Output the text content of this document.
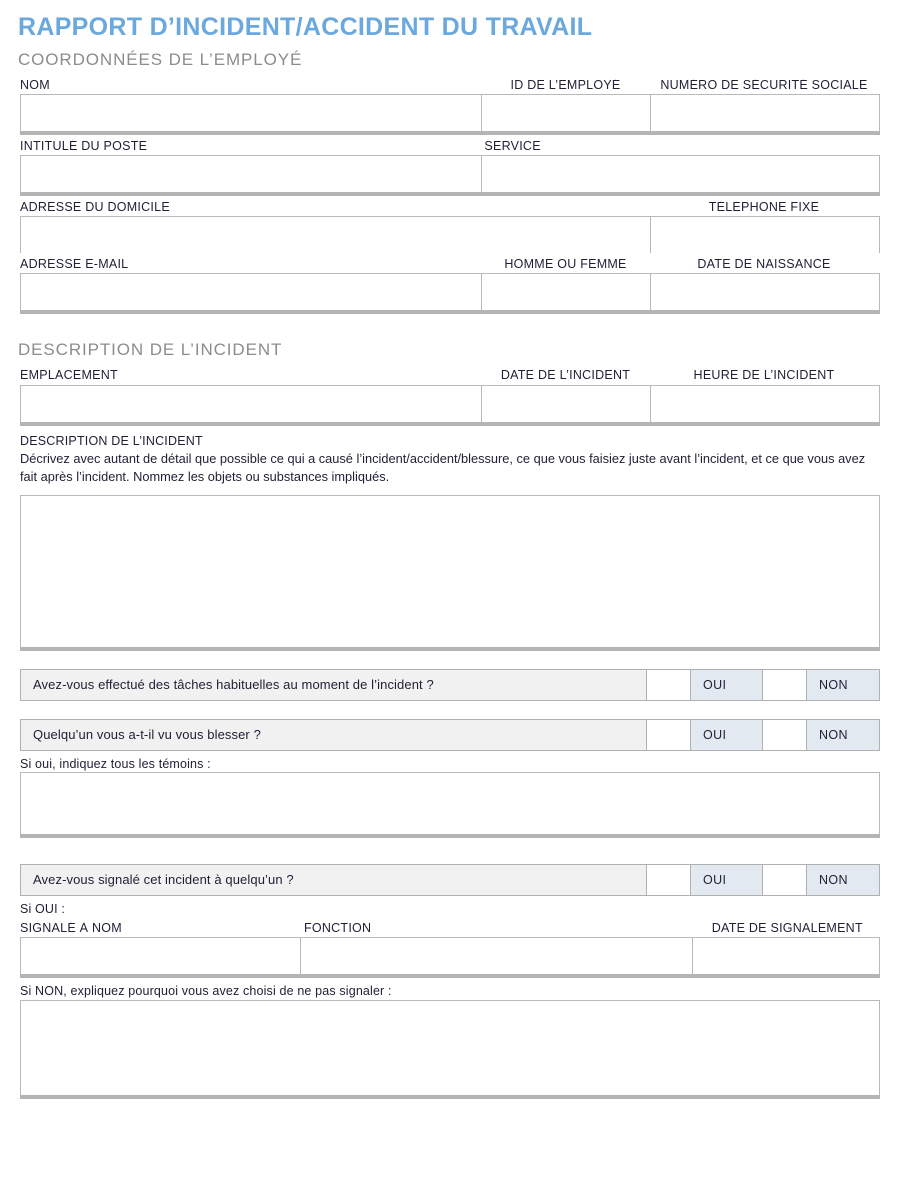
RAPPORT D’INCIDENT/ACCIDENT DU TRAVAIL
COORDONNÉES DE L’EMPLOYÉ
NOM	ID DE L’EMPLOYÉ	NUMÉRO DE SÉCURITÉ SOCIALE
INTITULÉ DU POSTE	SERVICE
ADRESSE DU DOMICILE	TÉLÉPHONE FIXE
ADRESSE E-MAIL	HOMME OU FEMME	DATE DE NAISSANCE
DESCRIPTION DE L’INCIDENT
EMPLACEMENT	DATE DE L’INCIDENT	HEURE DE L’INCIDENT
DESCRIPTION DE L’INCIDENT
Décrivez avec autant de détail que possible ce qui a causé l’incident/accident/blessure, ce que vous faisiez juste avant l’incident, et ce que vous avez fait après l’incident. Nommez les objets ou substances impliqués.
Avez-vous effectué des tâches habituelles au moment de l’incident ?	OUI	NON
Quelqu’un vous a-t-il vu vous blesser ?	OUI	NON
Si oui, indiquez tous les témoins :
Avez-vous signalé cet incident à quelqu’un ?	OUI	NON
Si OUI :
SIGNALÉ À NOM	FONCTION	DATE DE SIGNALEMENT
Si NON, expliquez pourquoi vous avez choisi de ne pas signaler :
